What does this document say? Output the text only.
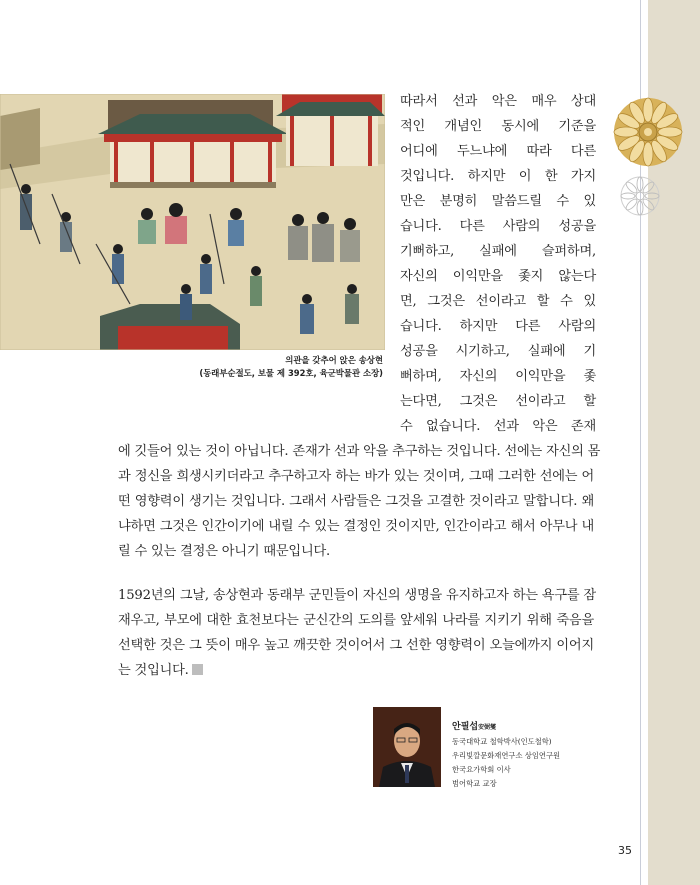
의관을 갖추어 앉은 송상현
(동래부순절도, 보물 제 392호, 육군박물관 소장)
따라서 선과 악은 매우 상대
적인 개념인 동시에 기준을
어디에 두느냐에 따라 다른
것입니다. 하지만 이 한 가지
만은 분명히 말씀드릴 수 있
습니다. 다른 사람의 성공을
기뻐하고, 실패에 슬퍼하며,
자신의 이익만을 좇지 않는다
면, 그것은 선이라고 할 수 있
습니다. 하지만 다른 사람의
성공을 시기하고, 실패에 기
뻐하며, 자신의 이익만을 좇
는다면, 그것은 선이라고 할
수 없습니다. 선과 악은 존재
에 깃들어 있는 것이 아닙니다. 존재가 선과 악을 추구하는 것입니다. 선에는 자신의 몸
과 정신을 희생시키더라고 추구하고자 하는 바가 있는 것이며, 그때 그러한 선에는 어
떤 영향력이 생기는 것입니다. 그래서 사람들은 그것을 고결한 것이라고 말합니다. 왜
냐하면 그것은 인간이기에 내릴 수 있는 결정인 것이지만, 인간이라고 해서 아무나 내
릴 수 있는 결정은 아니기 때문입니다.
1592년의 그날, 송상현과 동래부 군민들이 자신의 생명을 유지하고자 하는 욕구를 잠
재우고, 부모에 대한 효천보다는 군신간의 도의를 앞세워 나라를 지키기 위해 죽음을
선택한 것은 그 뜻이 매우 높고 깨끗한 것이어서 그 선한 영향력이 오늘에까지 이어지
는 것입니다.
안필섭安弼燮
동국대학교 철학박사(인도철학)
우리빛깔문화재연구소 상임연구원
한국요가학회 이사
범어학교 교장
35
